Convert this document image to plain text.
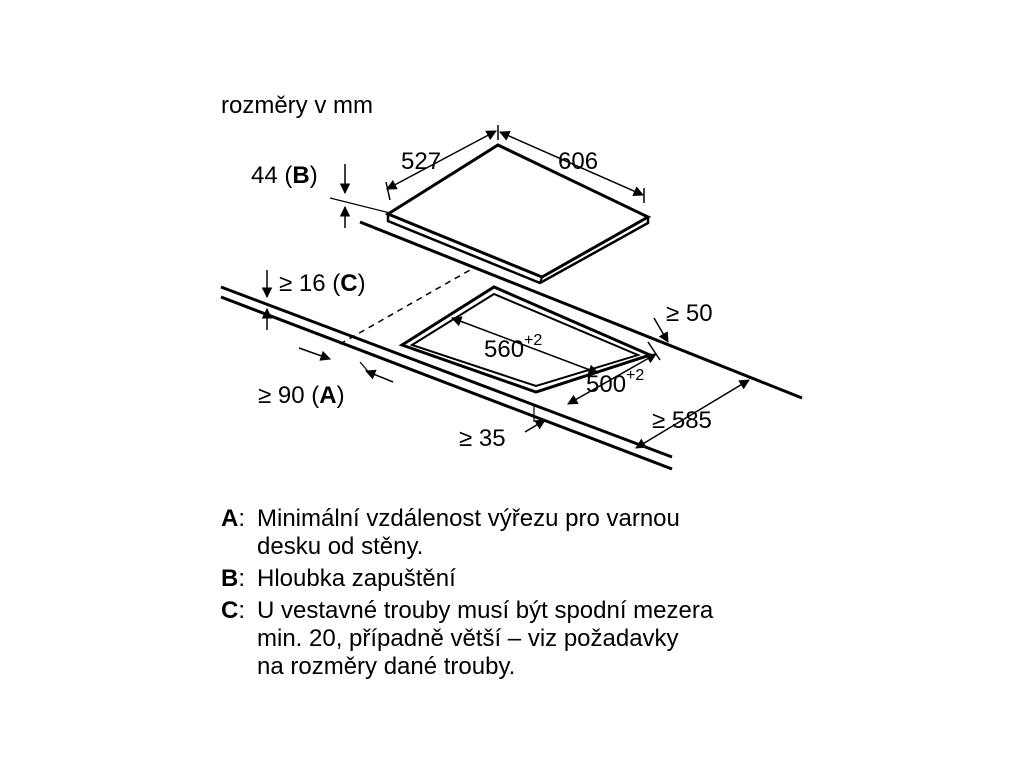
rozměry v mm
527	606
44 (B)
≥ 16 (C)
$560^{+2}$
$500^{+2}$
≥ 50
≥ 90 (A)
≥ 35
≥ 585
A: Minimální vzdálenost výřezu pro varnou
desku od stěny.
B: Hloubka zapuštění
C: U vestavné trouby musí být spodní mezera
min. 20, případně větší – viz požadavky
na rozměry dané trouby.
